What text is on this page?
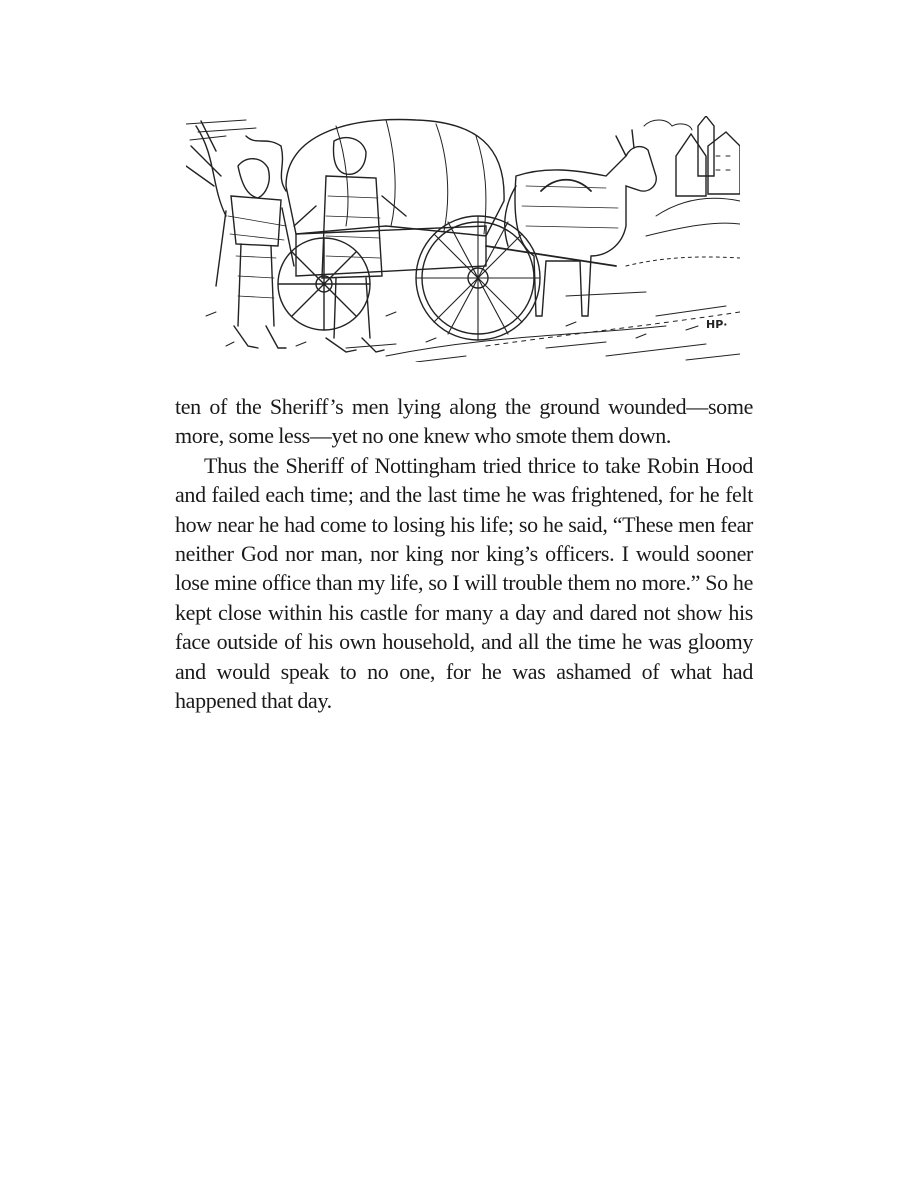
HP·

ten of the Sheriff’s men lying along the ground wounded—some more, some less—yet no one knew who smote them down.

Thus the Sheriff of Nottingham tried thrice to take Robin Hood and failed each time; and the last time he was frightened, for he felt how near he had come to losing his life; so he said, “These men fear neither God nor man, nor king nor king’s officers. I would sooner lose mine office than my life, so I will trouble them no more.” So he kept close within his castle for many a day and dared not show his face outside of his own household, and all the time he was gloomy and would speak to no one, for he was ashamed of what had happened that day.
